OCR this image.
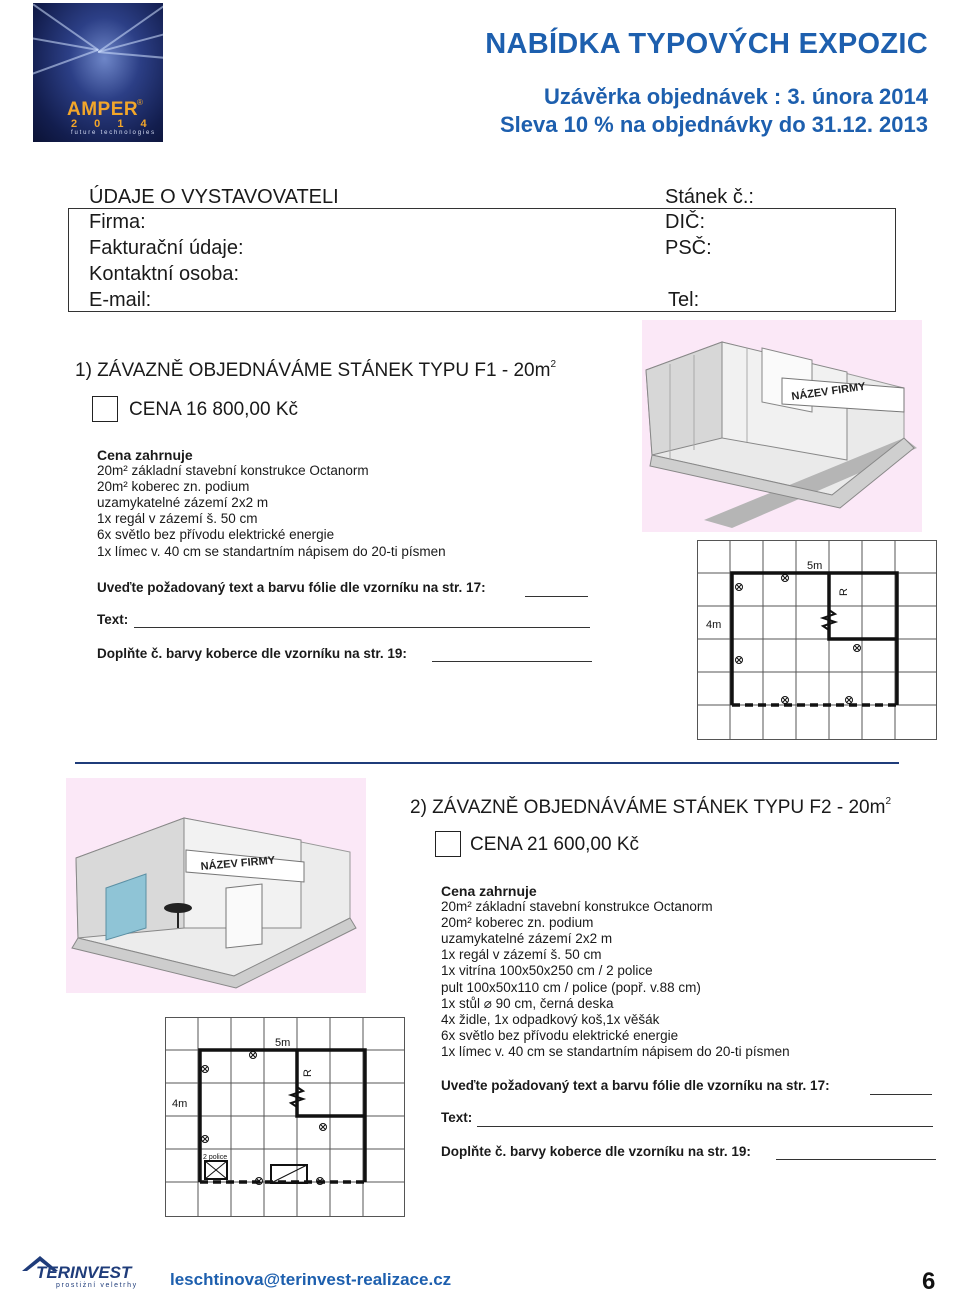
AMPER
®
2 0 1 4
future technologies
NABÍDKA TYPOVÝCH EXPOZIC
Uzávěrka objednávek : 3. února 2014
Sleva 10 % na objednávky do 31.12. 2013
ÚDAJE O VYSTAVOVATELI	Stánek č.:
Firma:	DIČ:
Fakturační údaje:	PSČ:
Kontaktní osoba:
E-mail:	Tel:
1) ZÁVAZNĚ OBJEDNÁVÁME STÁNEK TYPU $F1 - 20m^2$
CENA 16 800,00 Kč
Cena zahrnuje
20m² základní stavební konstrukce Octanorm
20m² koberec zn. podium
uzamykatelné zázemí 2x2 m
1x regál v zázemí š. 50 cm
6x světlo bez přívodu elektrické energie
1x límec v. 40 cm se standartním nápisem do 20-ti písmen
Uveďte požadovaný text a barvu fólie dle vzorníku na str. 17:
Text:
Doplňte č. barvy koberce dle vzorníku na str. 19:
NÁZEV FIRMY
5m
4m
R
NÁZEV FIRMY
2) ZÁVAZNĚ OBJEDNÁVÁME STÁNEK TYPU $F2 - 20m^2$
CENA 21 600,00 Kč
Cena zahrnuje
20m² základní stavební konstrukce Octanorm
20m² koberec zn. podium
uzamykatelné zázemí 2x2 m
1x regál v zázemí š. 50 cm
1x vitrína 100x50x250 cm / 2 police
pult 100x50x110 cm / police (popř. v.88 cm)
1x stůl ⌀ 90 cm, černá deska
4x židle, 1x odpadkový koš,1x věšák
6x světlo bez přívodu elektrické energie
1x límec v. 40 cm se standartním nápisem do 20-ti písmen
Uveďte požadovaný text a barvu fólie dle vzorníku na str. 17:
Text:
Doplňte č. barvy koberce dle vzorníku na str. 19:
5m
4m
R
2 police
TERINVEST
prostiżní veletrhy leschtinova@terinvest-realizace.cz	6
